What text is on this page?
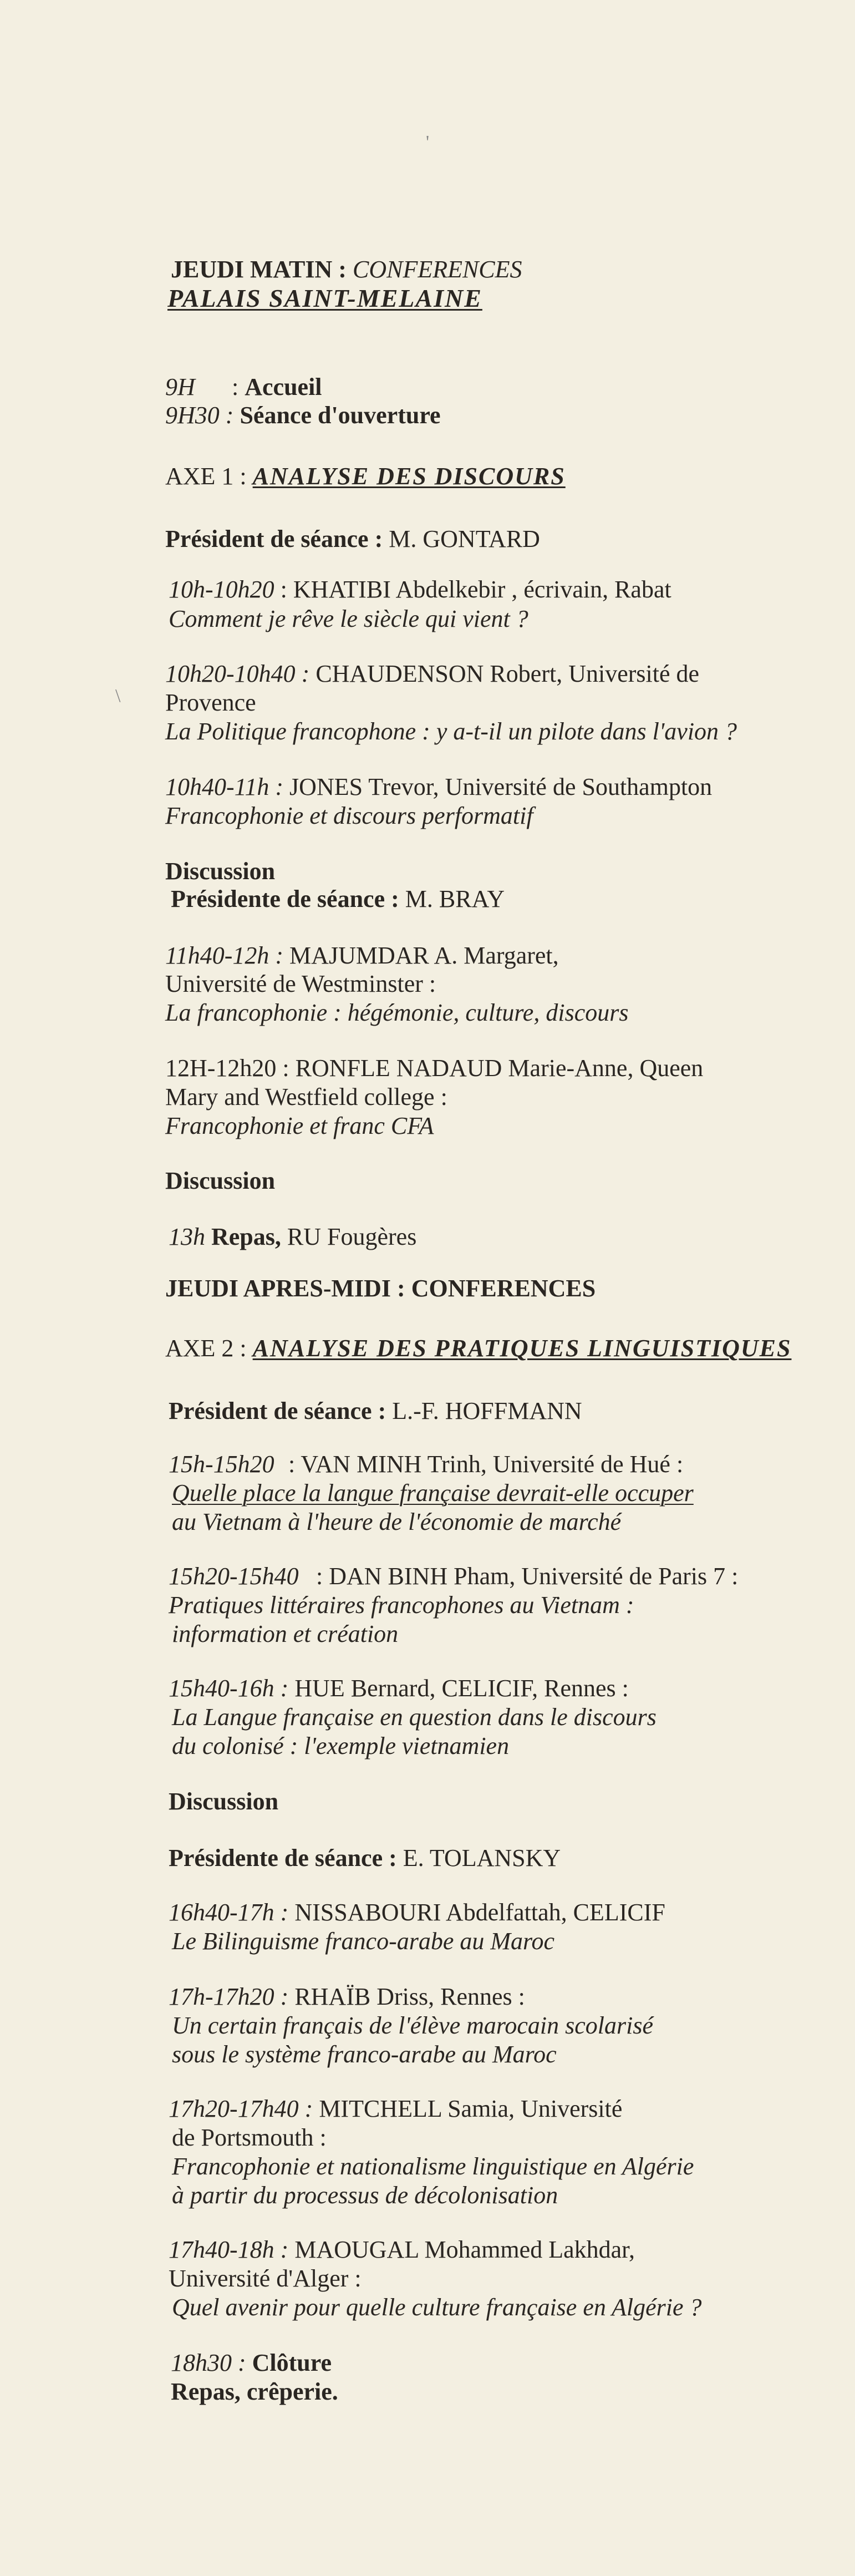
'
\
JEUDI MATIN : CONFERENCES
PALAIS SAINT-MELAINE
9H : Accueil
9H30 : Séance d'ouverture
AXE 1 : ANALYSE DES DISCOURS
Président de séance : M. GONTARD
10h-10h20 : KHATIBI Abdelkebir , écrivain, Rabat
Comment je rêve le siècle qui vient ?
10h20-10h40 : CHAUDENSON Robert, Université de
Provence
La Politique francophone : y a-t-il un pilote dans l'avion ?
10h40-11h : JONES Trevor, Université de Southampton
Francophonie et discours performatif
Discussion
Présidente de séance : M. BRAY
11h40-12h : MAJUMDAR A. Margaret,
Université de Westminster :
La francophonie : hégémonie, culture, discours
12H-12h20 : RONFLE NADAUD Marie-Anne, Queen
Mary and Westfield college :
Francophonie et franc CFA
Discussion
13h Repas, RU Fougères
JEUDI APRES-MIDI : CONFERENCES
AXE 2 : ANALYSE DES PRATIQUES LINGUISTIQUES
Président de séance : L.-F. HOFFMANN
15h-15h20 : VAN MINH Trinh, Université de Hué :
Quelle place la langue française devrait-elle occuper
au Vietnam à l'heure de l'économie de marché
15h20-15h40 : DAN BINH Pham, Université de Paris 7 :
Pratiques littéraires francophones au Vietnam :
information et création
15h40-16h : HUE Bernard, CELICIF, Rennes :
La Langue française en question dans le discours
du colonisé : l'exemple vietnamien
Discussion
Présidente de séance : E. TOLANSKY
16h40-17h : NISSABOURI Abdelfattah, CELICIF
Le Bilinguisme franco-arabe au Maroc
17h-17h20 : RHAÏB Driss, Rennes :
Un certain français de l'élève marocain scolarisé
sous le système franco-arabe au Maroc
17h20-17h40 : MITCHELL Samia, Université
de Portsmouth :
Francophonie et nationalisme linguistique en Algérie
à partir du processus de décolonisation
17h40-18h : MAOUGAL Mohammed Lakhdar,
Université d'Alger :
Quel avenir pour quelle culture française en Algérie ?
18h30 : Clôture
Repas, crêperie.
